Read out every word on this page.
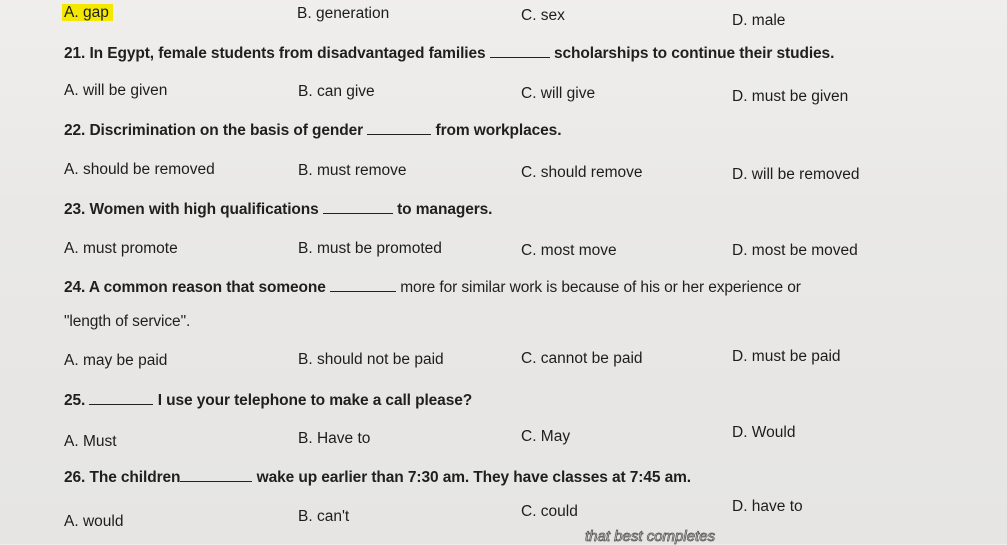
A. gap	B. generation	C. sex	D. male
21. In Egypt, female students from disadvantaged families	scholarships to continue their studies.
A. will be given	B. can give	C. will give	D. must be given
22. Discrimination on the basis of gender	from workplaces.
A. should be removed	B. must remove	C. should remove	D. will be removed
23. Women with high qualifications	to managers.
A. must promote	B. must be promoted	C. most move	D. most be moved
24. A common reason that someone	more for similar work is because of his or her experience or
"length of service".
A. may be paid	B. should not be paid	C. cannot be paid	D. must be paid
25.	I use your telephone to make a call please?
A. Must	B. Have to	C. May	D. Would
26. The children	wake up earlier than 7:30 am. They have classes at 7:45 am.
A. would	B. can't	C. could	D. have to
that best completes
